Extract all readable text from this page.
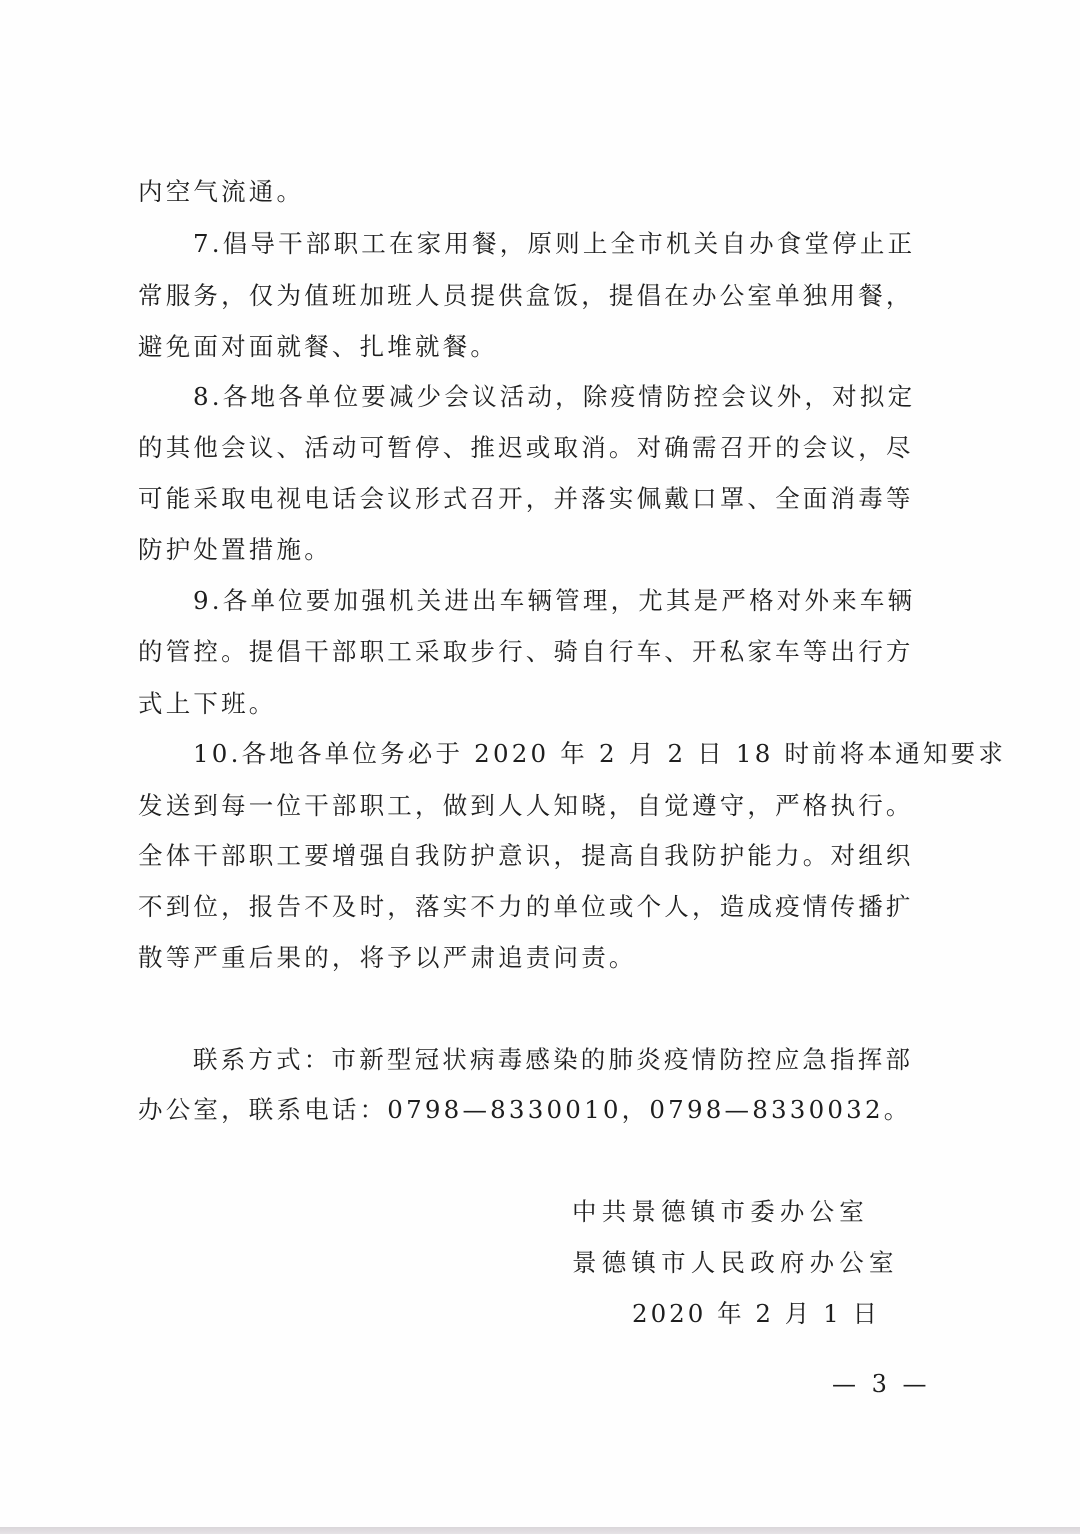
内空气流通。
7.倡导干部职工在家用餐，原则上全市机关自办食堂停止正
常服务，仅为值班加班人员提供盒饭，提倡在办公室单独用餐，
避免面对面就餐、扎堆就餐。
8.各地各单位要减少会议活动，除疫情防控会议外，对拟定
的其他会议、活动可暂停、推迟或取消。对确需召开的会议，尽
可能采取电视电话会议形式召开，并落实佩戴口罩、全面消毒等
防护处置措施。
9.各单位要加强机关进出车辆管理，尤其是严格对外来车辆
的管控。提倡干部职工采取步行、骑自行车、开私家车等出行方
式上下班。
10.各地各单位务必于 2020 年 2 月 2 日 18 时前将本通知要求
发送到每一位干部职工，做到人人知晓，自觉遵守，严格执行。
全体干部职工要增强自我防护意识，提高自我防护能力。对组织
不到位，报告不及时，落实不力的单位或个人，造成疫情传播扩
散等严重后果的，将予以严肃追责问责。
联系方式：市新型冠状病毒感染的肺炎疫情防控应急指挥部
办公室，联系电话：0798—8330010，0798—8330032。
中共景德镇市委办公室
景德镇市人民政府办公室
2020 年 2 月 1 日
— 3 —
